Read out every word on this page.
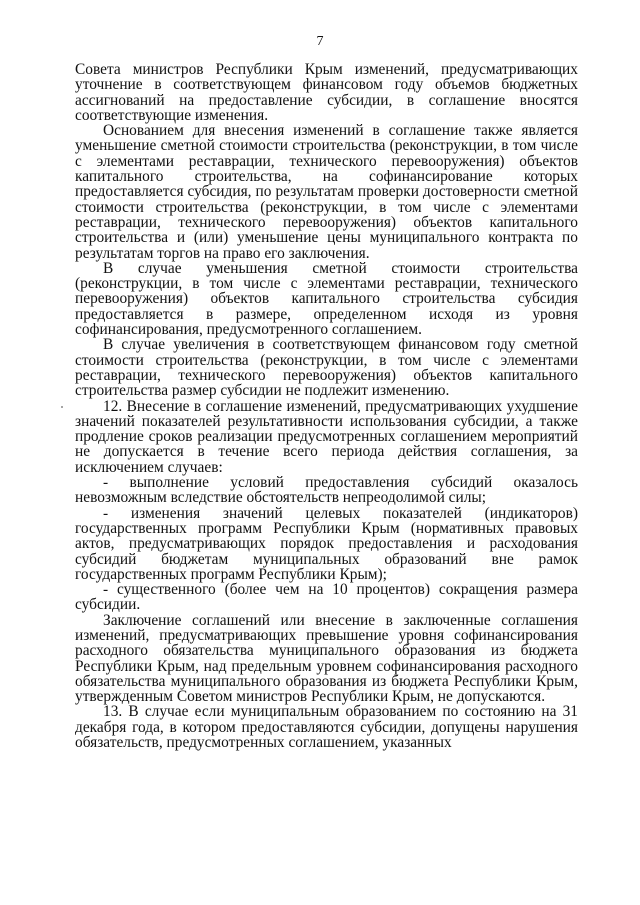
7

Совета министров Республики Крым изменений, предусматривающих уточнение в соответствующем финансовом году объемов бюджетных ассигнований на предоставление субсидии, в соглашение вносятся соответствующие изменения.

Основанием для внесения изменений в соглашение также является уменьшение сметной стоимости строительства (реконструкции, в том числе с элементами реставрации, технического перевооружения) объектов капитального строительства, на софинансирование которых предоставляется субсидия, по результатам проверки достоверности сметной стоимости строительства (реконструкции, в том числе с элементами реставрации, технического перевооружения) объектов капитального строительства и (или) уменьшение цены муниципального контракта по результатам торгов на право его заключения.

В случае уменьшения сметной стоимости строительства (реконструкции, в том числе с элементами реставрации, технического перевооружения) объектов капитального строительства субсидия предоставляется в размере, определенном исходя из уровня софинансирования, предусмотренного соглашением.

В случае увеличения в соответствующем финансовом году сметной стоимости строительства (реконструкции, в том числе с элементами реставрации, технического перевооружения) объектов капитального строительства размер субсидии не подлежит изменению.

12. Внесение в соглашение изменений, предусматривающих ухудшение значений показателей результативности использования субсидии, а также продление сроков реализации предусмотренных соглашением мероприятий не допускается в течение всего периода действия соглашения, за исключением случаев:

- выполнение условий предоставления субсидий оказалось невозможным вследствие обстоятельств непреодолимой силы;

- изменения значений целевых показателей (индикаторов) государственных программ Республики Крым (нормативных правовых актов, предусматривающих порядок предоставления и расходования субсидий бюджетам муниципальных образований вне рамок государственных программ Республики Крым);

- существенного (более чем на 10 процентов) сокращения размера субсидии.

Заключение соглашений или внесение в заключенные соглашения изменений, предусматривающих превышение уровня софинансирования расходного обязательства муниципального образования из бюджета Республики Крым, над предельным уровнем софинансирования расходного обязательства муниципального образования из бюджета Республики Крым, утвержденным Советом министров Республики Крым, не допускаются.

13. В случае если муниципальным образованием по состоянию на 31 декабря года, в котором предоставляются субсидии, допущены нарушения обязательств, предусмотренных соглашением, указанных
